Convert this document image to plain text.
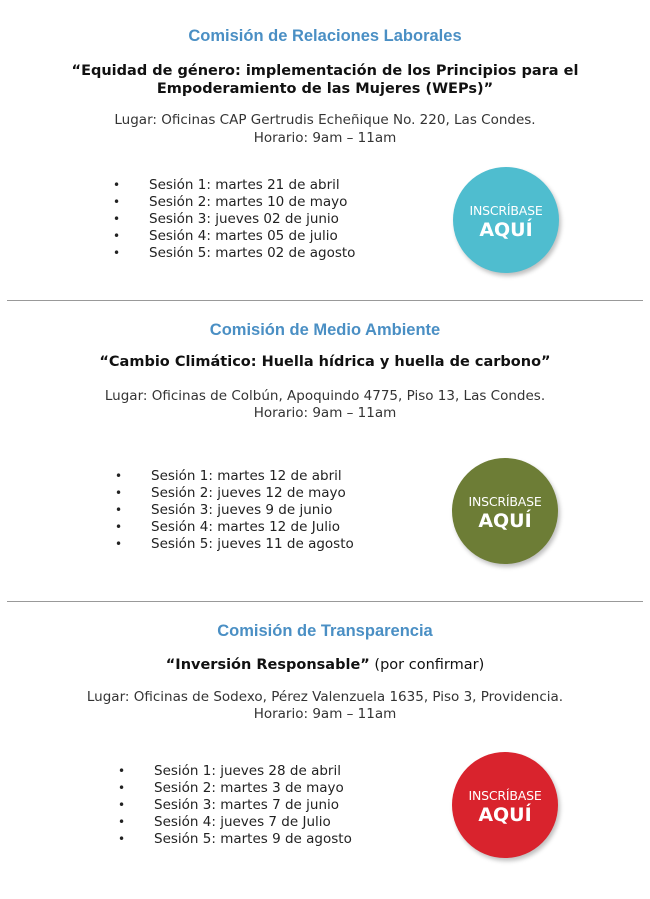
Comisión de Relaciones Laborales
“Equidad de género: implementación de los Principios para el
Empoderamiento de las Mujeres (WEPs)”
Lugar: Oficinas CAP Gertrudis Echeñique No. 220, Las Condes.
Horario: 9am – 11am
• Sesión 1: martes 21 de abril
• Sesión 2: martes 10 de mayo
• Sesión 3: jueves 02 de junio
• Sesión 4: martes 05 de julio
• Sesión 5: martes 02 de agosto
INSCRÍBASE
AQUÍ
Comisión de Medio Ambiente
“Cambio Climático: Huella hídrica y huella de carbono”
Lugar: Oficinas de Colbún, Apoquindo 4775, Piso 13, Las Condes.
Horario: 9am – 11am
• Sesión 1: martes 12 de abril
• Sesión 2: jueves 12 de mayo
• Sesión 3: jueves 9 de junio
• Sesión 4: martes 12 de Julio
• Sesión 5: jueves 11 de agosto
INSCRÍBASE
AQUÍ
Comisión de Transparencia
“Inversión Responsable” (por confirmar)
Lugar: Oficinas de Sodexo, Pérez Valenzuela 1635, Piso 3, Providencia.
Horario: 9am – 11am
• Sesión 1: jueves 28 de abril
• Sesión 2: martes 3 de mayo
• Sesión 3: martes 7 de junio
• Sesión 4: jueves 7 de Julio
• Sesión 5: martes 9 de agosto
INSCRÍBASE
AQUÍ
